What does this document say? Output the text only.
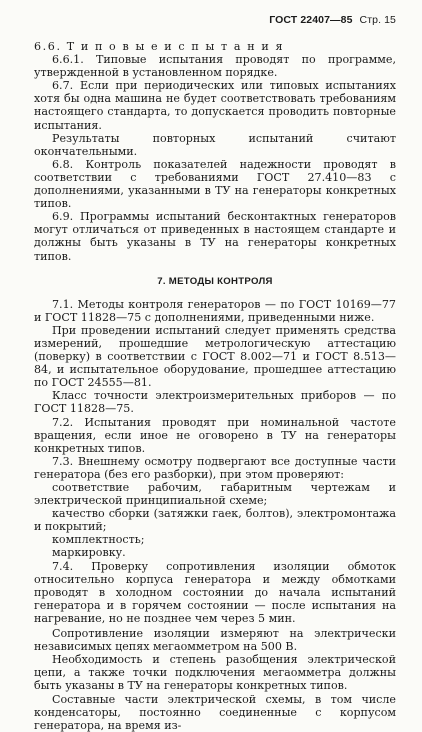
ГОСТ 22407—85 Стр. 15

6.6. Т и п о в ы е и с п ы т а н и я

6.6.1. Типовые испытания проводят по программе, утвержденной в установленном порядке.

6.7. Если при периодических или типовых испытаниях хотя бы одна машина не будет соответствовать требованиям настоящего стандарта, то допускается проводить повторные испытания.

Результаты повторных испытаний считают окончательными.

6.8. Контроль показателей надежности проводят в соответствии с требованиями ГОСТ 27.410—83 с дополнениями, указанными в ТУ на генераторы конкретных типов.

6.9. Программы испытаний бесконтактных генераторов могут отличаться от приведенных в настоящем стандарте и должны быть указаны в ТУ на генераторы конкретных типов.

7. МЕТОДЫ КОНТРОЛЯ

7.1. Методы контроля генераторов — по ГОСТ 10169—77 и ГОСТ 11828—75 с дополнениями, приведенными ниже.

При проведении испытаний следует применять средства измерений, прошедшие метрологическую аттестацию (поверку) в соответствии с ГОСТ 8.002—71 и ГОСТ 8.513—84, и испытательное оборудование, прошедшее аттестацию по ГОСТ 24555—81.

Класс точности электроизмерительных приборов — по ГОСТ 11828—75.

7.2. Испытания проводят при номинальной частоте вращения, если иное не оговорено в ТУ на генераторы конкретных типов.

7.3. Внешнему осмотру подвергают все доступные части генератора (без его разборки), при этом проверяют:

соответствие рабочим, габаритным чертежам и электрической принципиальной схеме;

качество сборки (затяжки гаек, болтов), электромонтажа и покрытий;

комплектность;

маркировку.

7.4. Проверку сопротивления изоляции обмоток относительно корпуса генератора и между обмотками проводят в холодном состоянии до начала испытаний генератора и в горячем состоянии — после испытания на нагревание, но не позднее чем через 5 мин.

Сопротивление изоляции измеряют на электрически независимых цепях мегаомметром на 500 В.

Необходимость и степень разобщения электрической цепи, а также точки подключения мегаомметра должны быть указаны в ТУ на генераторы конкретных типов.

Составные части электрической схемы, в том числе конденсаторы, постоянно соединенные с корпусом генератора, на время из-
